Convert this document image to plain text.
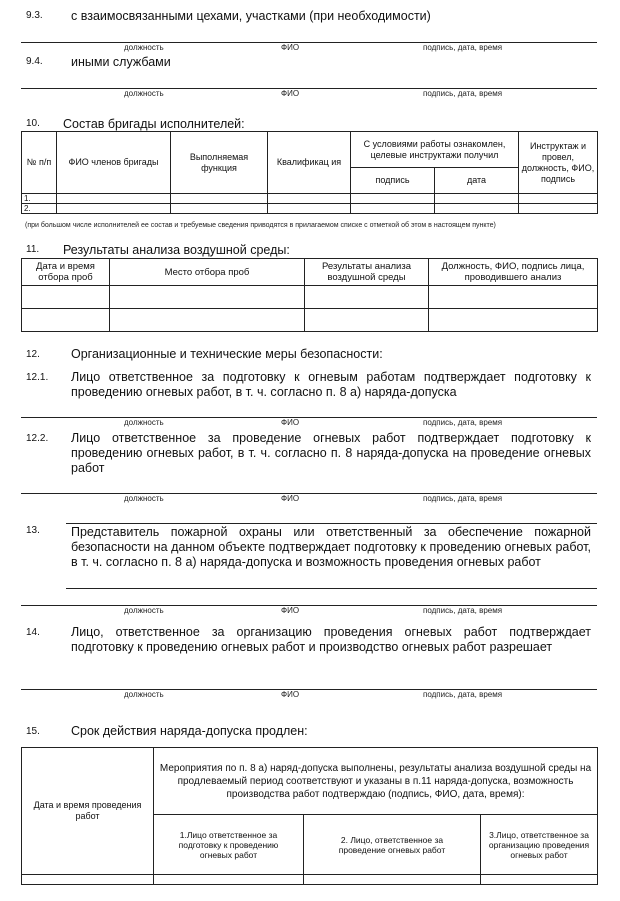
9.3. с взаимосвязанными цехами, участками (при необходимости)
должность	ФИО	подпись, дата, время
9.4. иными службами
должность	ФИО	подпись, дата, время
10. Состав бригады исполнителей:
№ п/п	ФИО членов бригады	Выполняемая функция	Квалификац ия	С условиями работы ознакомлен, целевые инструктажи получил		Инструктаж и провел, должность, ФИО, подпись
				подпись	дата	
1.						
2.						
(при большом числе исполнителей ее состав и требуемые сведения приводятся в прилагаемом списке с отметкой об этом в настоящем пункте)
11. Результаты анализа воздушной среды:
Дата и время отбора проб	Место отбора проб	Результаты анализа воздушной среды	Должность, ФИО, подпись лица, проводившего анализ

12. Организационные и технические меры безопасности:
12.1. Лицо ответственное за подготовку к огневым работам подтверждает подготовку к проведению огневых работ, в т. ч. согласно п. 8 а) наряда-допуска
должность	ФИО	подпись, дата, время
12.2. Лицо ответственное за проведение огневых работ подтверждает подготовку к проведению огневых работ, в т. ч. согласно п. 8 наряда-допуска на проведение огневых работ
должность	ФИО	подпись, дата, время
13. Представитель пожарной охраны или ответственный за обеспечение пожарной безопасности на данном объекте подтверждает подготовку к проведению огневых работ, в т. ч. согласно п. 8 а) наряда-допуска и возможность проведения огневых работ
должность	ФИО	подпись, дата, время
14. Лицо, ответственное за организацию проведения огневых работ подтверждает подготовку к проведению огневых работ и производство огневых работ разрешает
должность	ФИО	подпись, дата, время
15. Срок действия наряда-допуска продлен:
Дата и время проведения работ	Мероприятия по п. 8 а) наряд-допуска выполнены, результаты анализа воздушной среды на продлеваемый период соответствуют и указаны в п.11 наряда-допуска, возможность производства работ подтверждаю (подпись, ФИО, дата, время):		
	1.Лицо ответственное за подготовку к проведению огневых работ	2. Лицо, ответственное за проведение огневых работ	3.Лицо, ответственное за организацию проведения огневых работ
